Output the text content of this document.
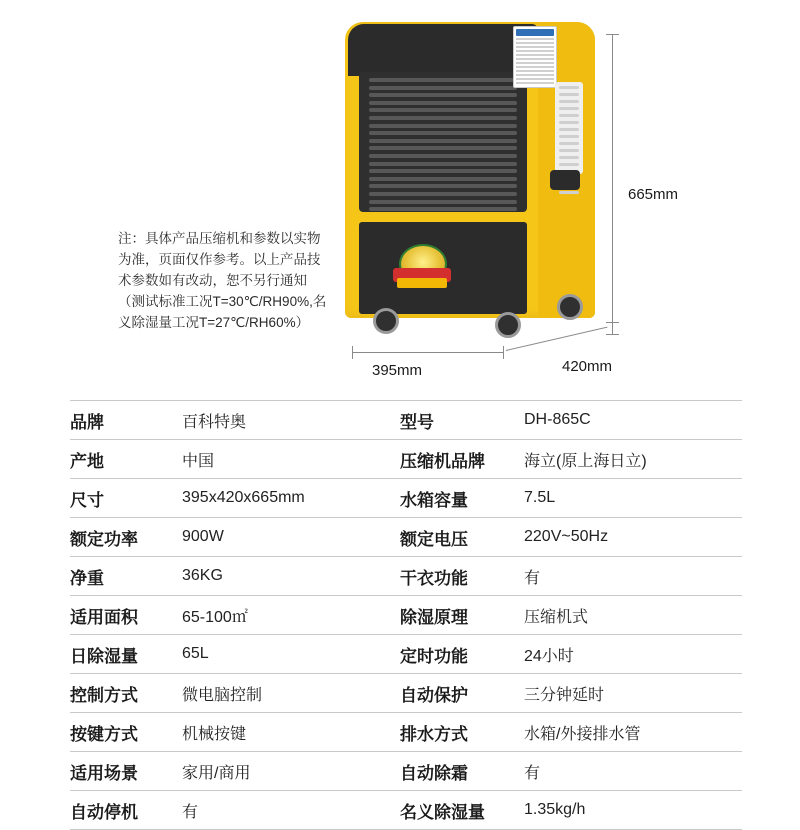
665mm
395mm	420mm
注：具体产品压缩机和参数以实物为准，页面仅作参考。以上产品技术参数如有改动，恕不另行通知（测试标准工况T=30℃/RH90%,名义除湿量工况T=27℃/RH60%）
品牌	百科特奥	型号	DH-865C
产地	中国	压缩机品牌	海立(原上海日立)
尺寸	395x420x665mm	水箱容量	7.5L
额定功率	900W	额定电压	220V~50Hz
净重	36KG	干衣功能	有
适用面积	65-100㎡	除湿原理	压缩机式
日除湿量	65L	定时功能	24小时
控制方式	微电脑控制	自动保护	三分钟延时
按键方式	机械按键	排水方式	水箱/外接排水管
适用场景	家用/商用	自动除霜	有
自动停机	有	名义除湿量	1.35kg/h
